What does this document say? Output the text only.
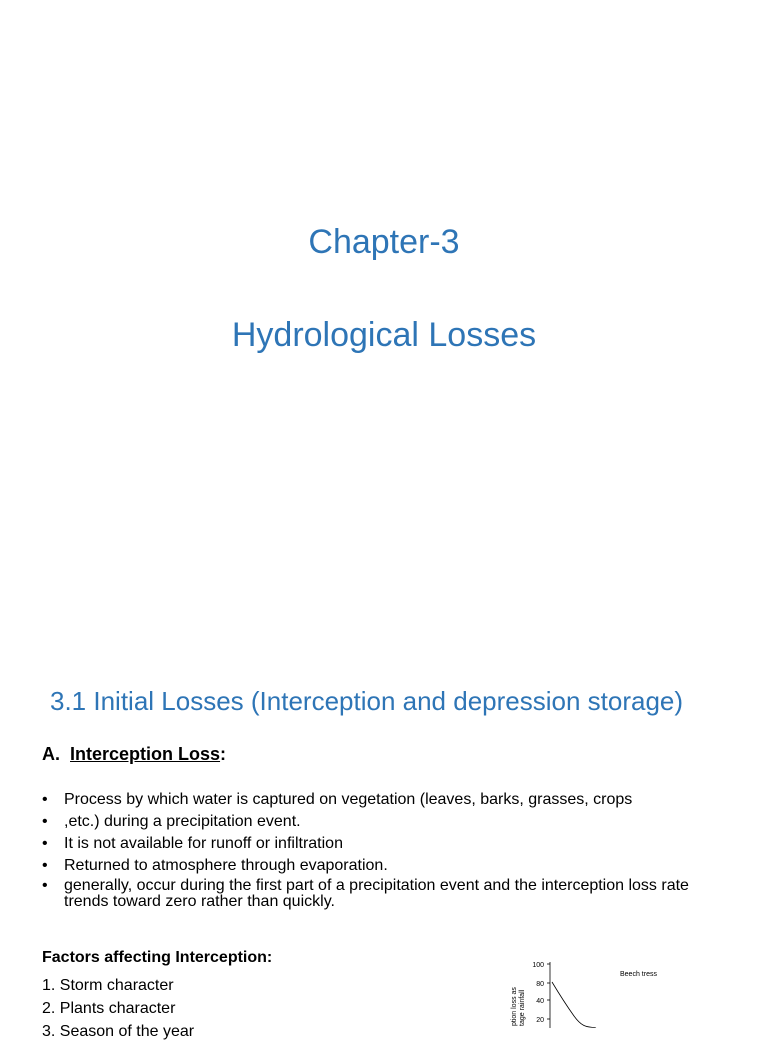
Chapter-3
Hydrological Losses
3.1 Initial Losses (Interception and depression storage)
A.  Interception Loss:
• Process by which water is captured on vegetation (leaves, barks, grasses, crops
• ,etc.) during a precipitation event.
• It is not available for runoff or infiltration
• Returned to atmosphere through evaporation.
• generally, occur during the first part of a precipitation event and the interception loss rate trends toward zero rather than quickly.
Factors affecting Interception:
1. Storm character
2. Plants character
3. Season of the year
ption loss as tage rainfall
100
80
40
20
Beech tress
